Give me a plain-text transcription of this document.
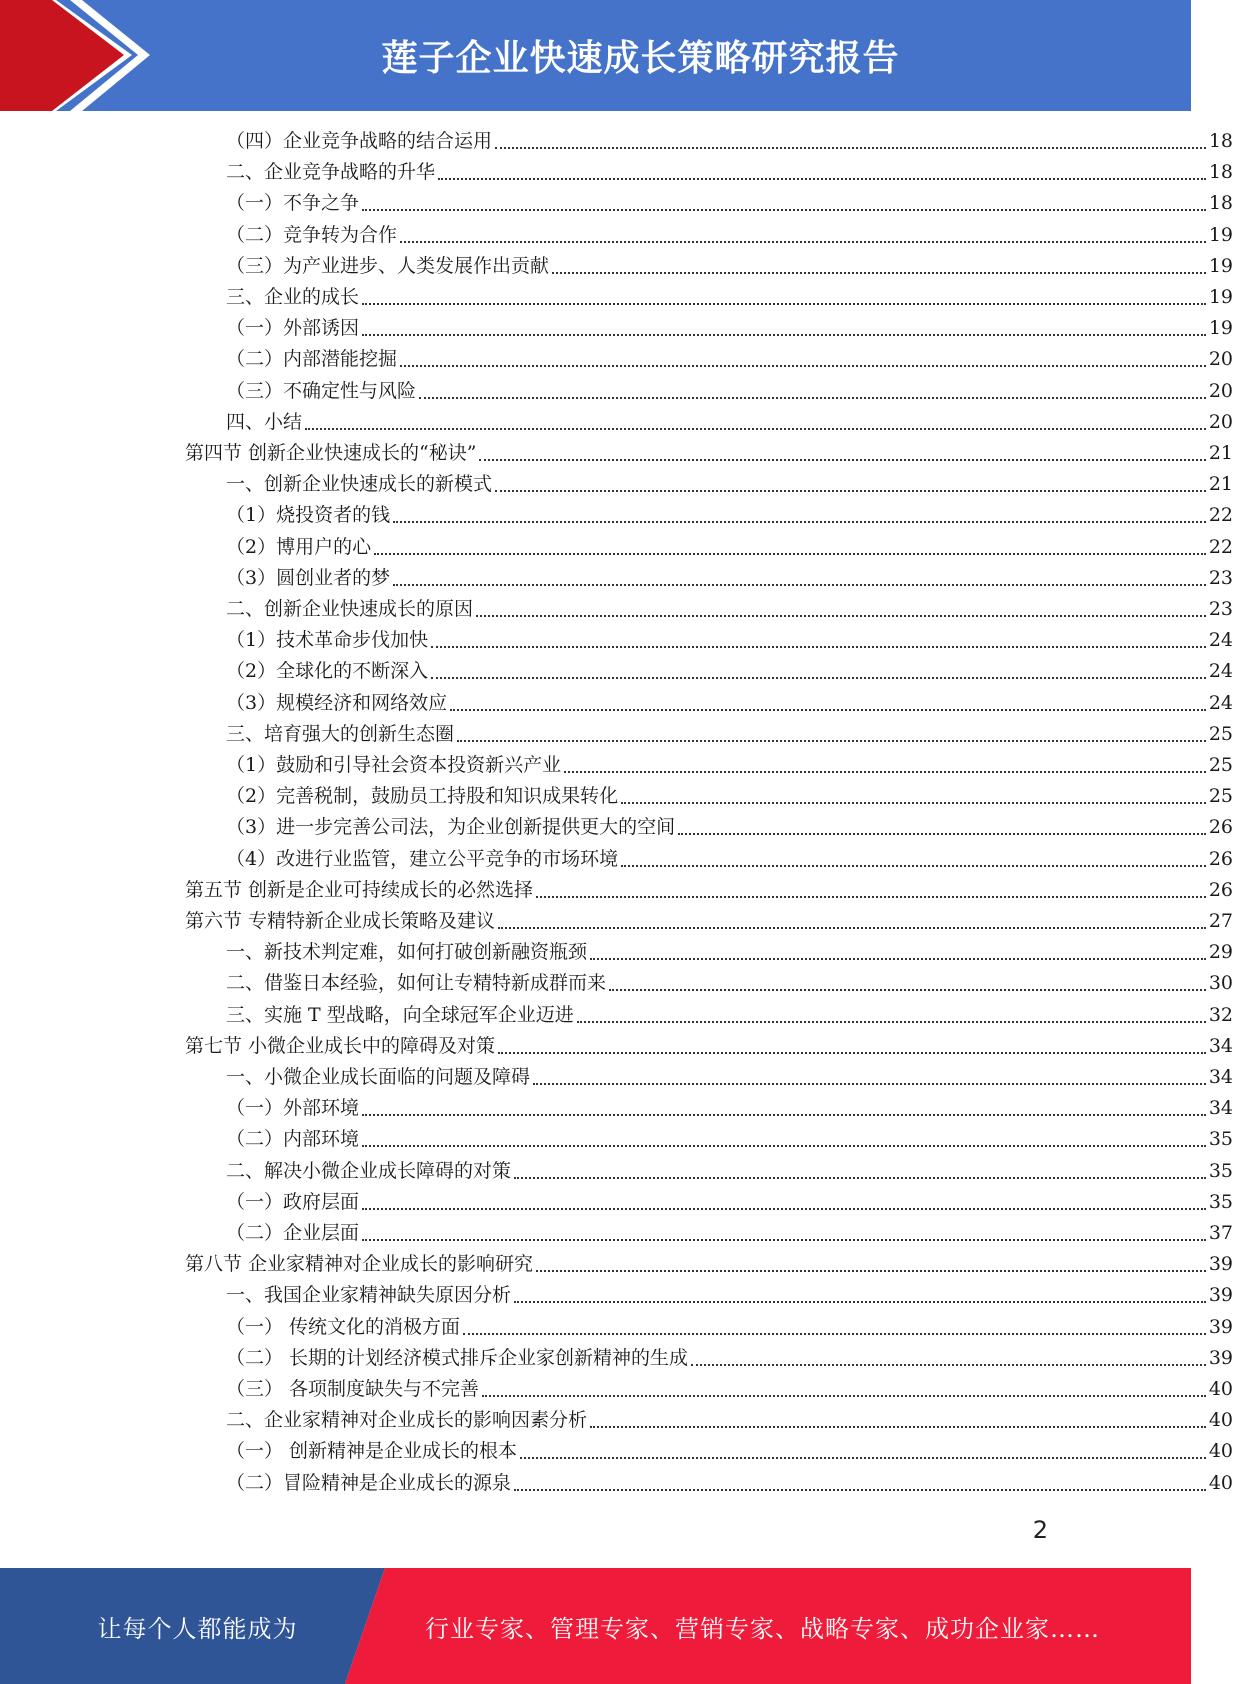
莲子企业快速成长策略研究报告
（四）企业竞争战略的结合运用	18
二、企业竞争战略的升华	18
（一）不争之争	18
（二）竞争转为合作	19
（三）为产业进步、人类发展作出贡献	19
三、企业的成长	19
（一）外部诱因	19
（二）内部潜能挖掘	20
（三）不确定性与风险	20
四、小结	20
第四节 创新企业快速成长的“秘诀”	21
一、创新企业快速成长的新模式	21
（1）烧投资者的钱	22
（2）博用户的心	22
（3）圆创业者的梦	23
二、创新企业快速成长的原因	23
（1）技术革命步伐加快	24
（2）全球化的不断深入	24
（3）规模经济和网络效应	24
三、培育强大的创新生态圈	25
（1）鼓励和引导社会资本投资新兴产业	25
（2）完善税制，鼓励员工持股和知识成果转化	25
（3）进一步完善公司法，为企业创新提供更大的空间	26
（4）改进行业监管，建立公平竞争的市场环境	26
第五节 创新是企业可持续成长的必然选择	26
第六节 专精特新企业成长策略及建议	27
一、新技术判定难，如何打破创新融资瓶颈	29
二、借鉴日本经验，如何让专精特新成群而来	30
三、实施 T 型战略，向全球冠军企业迈进	32
第七节 小微企业成长中的障碍及对策	34
一、小微企业成长面临的问题及障碍	34
（一）外部环境	34
（二）内部环境	35
二、解决小微企业成长障碍的对策	35
（一）政府层面	35
（二）企业层面	37
第八节 企业家精神对企业成长的影响研究	39
一、我国企业家精神缺失原因分析	39
（一） 传统文化的消极方面	39
（二） 长期的计划经济模式排斥企业家创新精神的生成	39
（三） 各项制度缺失与不完善	40
二、企业家精神对企业成长的影响因素分析	40
（一） 创新精神是企业成长的根本	40
（二）冒险精神是企业成长的源泉	40
2
让每个人都能成为	行业专家、管理专家、营销专家、战略专家、成功企业家……
